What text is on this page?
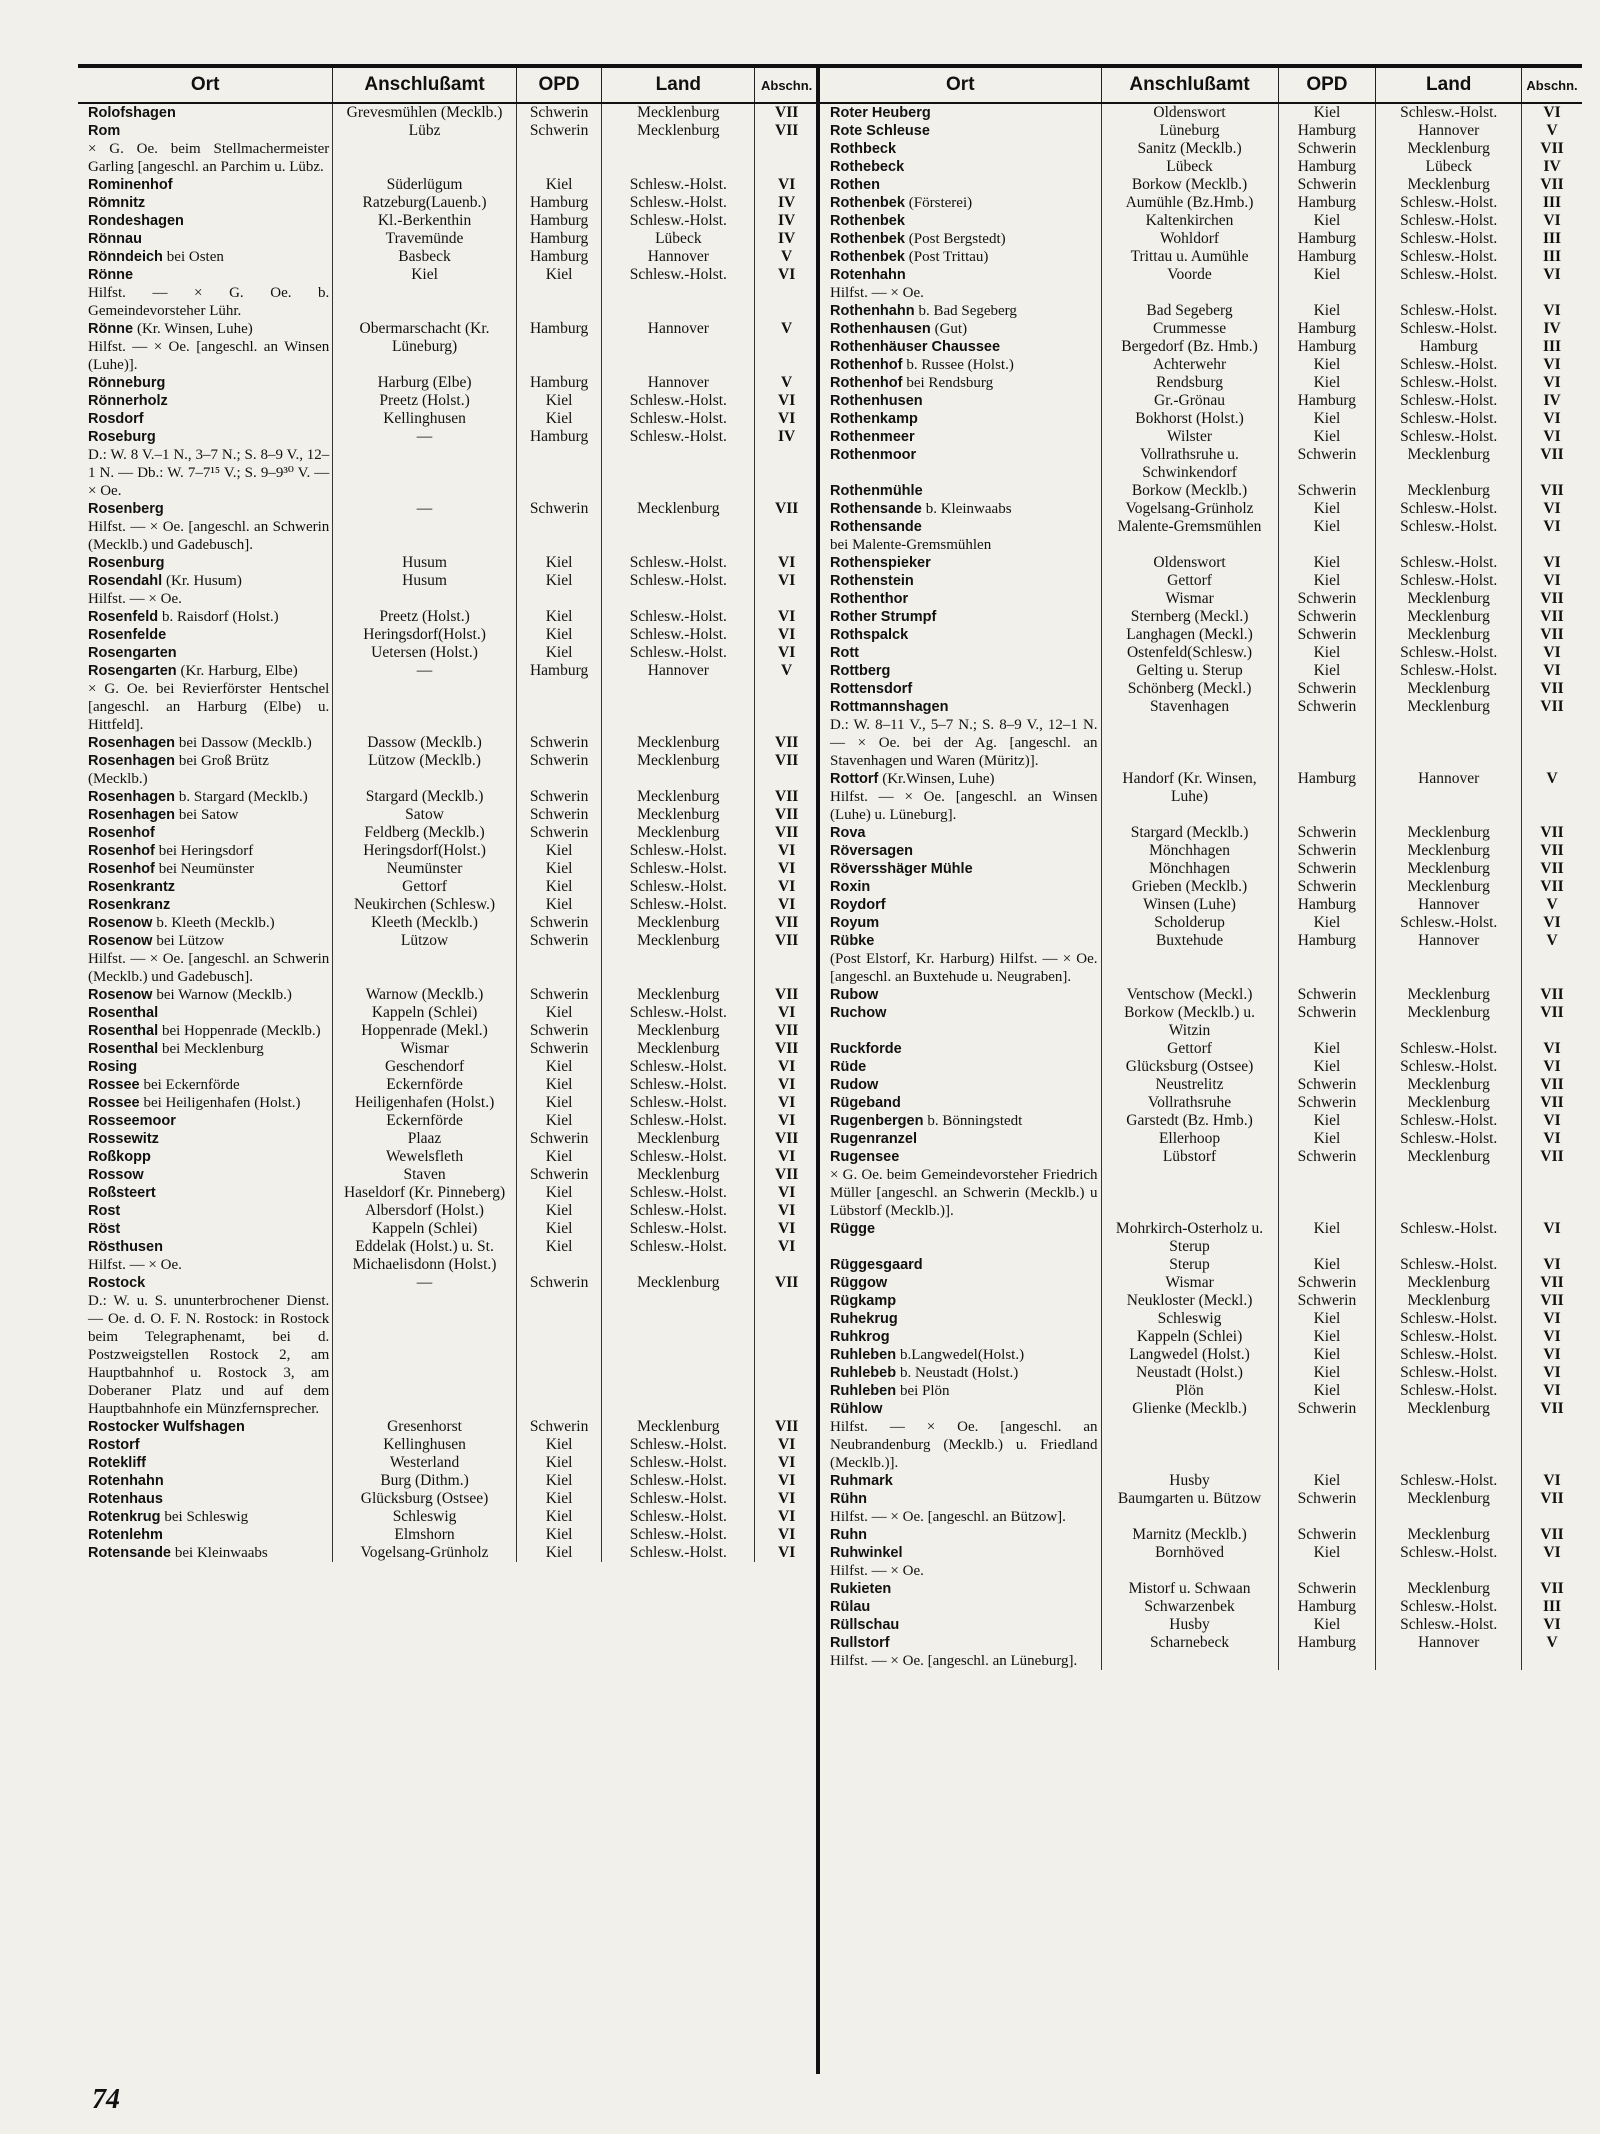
Ort	Anschlußamt	OPD	Land	Abschn.
Rolofshagen	Grevesmühlen (Mecklb.)	Schwerin	Mecklenburg	VII
Rom
× G. Oe. beim Stellmachermeister Garling [angeschl. an Parchim u. Lübz.	Lübz	Schwerin	Mecklenburg	VII
Rominenhof	Süderlügum	Kiel	Schlesw.-Holst.	VI
Römnitz	Ratzeburg(Lauenb.)	Hamburg	Schlesw.-Holst.	IV
Rondeshagen	Kl.-Berkenthin	Hamburg	Schlesw.-Holst.	IV
Rönnau	Travemünde	Hamburg	Lübeck	IV
Rönndeich bei Osten	Basbeck	Hamburg	Hannover	V
Rönne
Hilfst. — × G. Oe. b. Gemeindevorsteher Lühr.	Kiel	Kiel	Schlesw.-Holst.	VI
Rönne (Kr. Winsen, Luhe)
Hilfst. — × Oe. [angeschl. an Winsen (Luhe)].	Obermarschacht (Kr. Lüneburg)	Hamburg	Hannover	V
Rönneburg	Harburg (Elbe)	Hamburg	Hannover	V
Rönnerholz	Preetz (Holst.)	Kiel	Schlesw.-Holst.	VI
Rosdorf	Kellinghusen	Kiel	Schlesw.-Holst.	VI
Roseburg
D.: W. 8 V.–1 N., 3–7 N.; S. 8–9 V., 12–1 N. — Db.: W. 7–7¹⁵ V.; S. 9–9³⁰ V. — × Oe.	—	Hamburg	Schlesw.-Holst.	IV
Rosenberg
Hilfst. — × Oe. [angeschl. an Schwerin (Mecklb.) und Gadebusch].	—	Schwerin	Mecklenburg	VII
Rosenburg	Husum	Kiel	Schlesw.-Holst.	VI
Rosendahl (Kr. Husum)
Hilfst. — × Oe.	Husum	Kiel	Schlesw.-Holst.	VI
Rosenfeld b. Raisdorf (Holst.)	Preetz (Holst.)	Kiel	Schlesw.-Holst.	VI
Rosenfelde	Heringsdorf(Holst.)	Kiel	Schlesw.-Holst.	VI
Rosengarten	Uetersen (Holst.)	Kiel	Schlesw.-Holst.	VI
Rosengarten (Kr. Harburg, Elbe)
× G. Oe. bei Revierförster Hentschel [angeschl. an Harburg (Elbe) u. Hittfeld].	—	Hamburg	Hannover	V
Rosenhagen bei Dassow (Mecklb.)	Dassow (Mecklb.)	Schwerin	Mecklenburg	VII
Rosenhagen bei Groß Brütz (Mecklb.)	Lützow (Mecklb.)	Schwerin	Mecklenburg	VII
Rosenhagen b. Stargard (Mecklb.)	Stargard (Mecklb.)	Schwerin	Mecklenburg	VII
Rosenhagen bei Satow	Satow	Schwerin	Mecklenburg	VII
Rosenhof	Feldberg (Mecklb.)	Schwerin	Mecklenburg	VII
Rosenhof bei Heringsdorf	Heringsdorf(Holst.)	Kiel	Schlesw.-Holst.	VI
Rosenhof bei Neumünster	Neumünster	Kiel	Schlesw.-Holst.	VI
Rosenkrantz	Gettorf	Kiel	Schlesw.-Holst.	VI
Rosenkranz	Neukirchen (Schlesw.)	Kiel	Schlesw.-Holst.	VI
Rosenow b. Kleeth (Mecklb.)	Kleeth (Mecklb.)	Schwerin	Mecklenburg	VII
Rosenow bei Lützow
Hilfst. — × Oe. [angeschl. an Schwerin (Mecklb.) und Gadebusch].	Lützow	Schwerin	Mecklenburg	VII
Rosenow bei Warnow (Mecklb.)	Warnow (Mecklb.)	Schwerin	Mecklenburg	VII
Rosenthal	Kappeln (Schlei)	Kiel	Schlesw.-Holst.	VI
Rosenthal bei Hoppenrade (Mecklb.)	Hoppenrade (Mekl.)	Schwerin	Mecklenburg	VII
Rosenthal bei Mecklenburg	Wismar	Schwerin	Mecklenburg	VII
Rosing	Geschendorf	Kiel	Schlesw.-Holst.	VI
Rossee bei Eckernförde	Eckernförde	Kiel	Schlesw.-Holst.	VI
Rossee bei Heiligenhafen (Holst.)	Heiligenhafen (Holst.)	Kiel	Schlesw.-Holst.	VI
Rosseemoor	Eckernförde	Kiel	Schlesw.-Holst.	VI
Rossewitz	Plaaz	Schwerin	Mecklenburg	VII
Roßkopp	Wewelsfleth	Kiel	Schlesw.-Holst.	VI
Rossow	Staven	Schwerin	Mecklenburg	VII
Roßsteert	Haseldorf (Kr. Pinneberg)	Kiel	Schlesw.-Holst.	VI
Rost	Albersdorf (Holst.)	Kiel	Schlesw.-Holst.	VI
Röst	Kappeln (Schlei)	Kiel	Schlesw.-Holst.	VI
Rösthusen
Hilfst. — × Oe.	Eddelak (Holst.) u. St. Michaelisdonn (Holst.)	Kiel	Schlesw.-Holst.	VI
Rostock
D.: W. u. S. ununterbrochener Dienst. — Oe. d. O. F. N. Rostock: in Rostock beim Telegraphenamt, bei d. Postzweigstellen Rostock 2, am Hauptbahnhof u. Rostock 3, am Doberaner Platz und auf dem Hauptbahnhofe ein Münzfernsprecher.	—	Schwerin	Mecklenburg	VII
Rostocker Wulfshagen	Gresenhorst	Schwerin	Mecklenburg	VII
Rostorf	Kellinghusen	Kiel	Schlesw.-Holst.	VI
Rotekliff	Westerland	Kiel	Schlesw.-Holst.	VI
Rotenhahn	Burg (Dithm.)	Kiel	Schlesw.-Holst.	VI
Rotenhaus	Glücksburg (Ostsee)	Kiel	Schlesw.-Holst.	VI
Rotenkrug bei Schleswig	Schleswig	Kiel	Schlesw.-Holst.	VI
Rotenlehm	Elmshorn	Kiel	Schlesw.-Holst.	VI
Rotensande bei Kleinwaabs	Vogelsang-Grünholz	Kiel	Schlesw.-Holst.	VI
Ort	Anschlußamt	OPD	Land	Abschn.
Roter Heuberg	Oldenswort	Kiel	Schlesw.-Holst.	VI
Rote Schleuse	Lüneburg	Hamburg	Hannover	V
Rothbeck	Sanitz (Mecklb.)	Schwerin	Mecklenburg	VII
Rothebeck	Lübeck	Hamburg	Lübeck	IV
Rothen	Borkow (Mecklb.)	Schwerin	Mecklenburg	VII
Rothenbek (Försterei)	Aumühle (Bz.Hmb.)	Hamburg	Schlesw.-Holst.	III
Rothenbek	Kaltenkirchen	Kiel	Schlesw.-Holst.	VI
Rothenbek (Post Bergstedt)	Wohldorf	Hamburg	Schlesw.-Holst.	III
Rothenbek (Post Trittau)	Trittau u. Aumühle	Hamburg	Schlesw.-Holst.	III
Rotenhahn
Hilfst. — × Oe.	Voorde	Kiel	Schlesw.-Holst.	VI
Rothenhahn b. Bad Segeberg	Bad Segeberg	Kiel	Schlesw.-Holst.	VI
Rothenhausen (Gut)	Crummesse	Hamburg	Schlesw.-Holst.	IV
Rothenhäuser Chaussee	Bergedorf (Bz. Hmb.)	Hamburg	Hamburg	III
Rothenhof b. Russee (Holst.)	Achterwehr	Kiel	Schlesw.-Holst.	VI
Rothenhof bei Rendsburg	Rendsburg	Kiel	Schlesw.-Holst.	VI
Rothenhusen	Gr.-Grönau	Hamburg	Schlesw.-Holst.	IV
Rothenkamp	Bokhorst (Holst.)	Kiel	Schlesw.-Holst.	VI
Rothenmeer	Wilster	Kiel	Schlesw.-Holst.	VI
Rothenmoor	Vollrathsruhe u. Schwinkendorf	Schwerin	Mecklenburg	VII
Rothenmühle	Borkow (Mecklb.)	Schwerin	Mecklenburg	VII
Rothensande b. Kleinwaabs	Vogelsang-Grünholz	Kiel	Schlesw.-Holst.	VI
Rothensande
bei Malente-Gremsmühlen	Malente-Gremsmühlen	Kiel	Schlesw.-Holst.	VI
Rothenspieker	Oldenswort	Kiel	Schlesw.-Holst.	VI
Rothenstein	Gettorf	Kiel	Schlesw.-Holst.	VI
Rothenthor	Wismar	Schwerin	Mecklenburg	VII
Rother Strumpf	Sternberg (Meckl.)	Schwerin	Mecklenburg	VII
Rothspalck	Langhagen (Meckl.)	Schwerin	Mecklenburg	VII
Rott	Ostenfeld(Schlesw.)	Kiel	Schlesw.-Holst.	VI
Rottberg	Gelting u. Sterup	Kiel	Schlesw.-Holst.	VI
Rottensdorf	Schönberg (Meckl.)	Schwerin	Mecklenburg	VII
Rottmannshagen
D.: W. 8–11 V., 5–7 N.; S. 8–9 V., 12–1 N. — × Oe. bei der Ag. [angeschl. an Stavenhagen und Waren (Müritz)].	Stavenhagen	Schwerin	Mecklenburg	VII
Rottorf (Kr.Winsen, Luhe)
Hilfst. — × Oe. [angeschl. an Winsen (Luhe) u. Lüneburg].	Handorf (Kr. Winsen, Luhe)	Hamburg	Hannover	V
Rova	Stargard (Mecklb.)	Schwerin	Mecklenburg	VII
Röversagen	Mönchhagen	Schwerin	Mecklenburg	VII
Röversshäger Mühle	Mönchhagen	Schwerin	Mecklenburg	VII
Roxin	Grieben (Mecklb.)	Schwerin	Mecklenburg	VII
Roydorf	Winsen (Luhe)	Hamburg	Hannover	V
Royum	Scholderup	Kiel	Schlesw.-Holst.	VI
Rübke
(Post Elstorf, Kr. Harburg) Hilfst. — × Oe. [angeschl. an Buxtehude u. Neugraben].	Buxtehude	Hamburg	Hannover	V
Rubow	Ventschow (Meckl.)	Schwerin	Mecklenburg	VII
Ruchow	Borkow (Mecklb.) u. Witzin	Schwerin	Mecklenburg	VII
Ruckforde	Gettorf	Kiel	Schlesw.-Holst.	VI
Rüde	Glücksburg (Ostsee)	Kiel	Schlesw.-Holst.	VI
Rudow	Neustrelitz	Schwerin	Mecklenburg	VII
Rügeband	Vollrathsruhe	Schwerin	Mecklenburg	VII
Rugenbergen b. Bönningstedt	Garstedt (Bz. Hmb.)	Kiel	Schlesw.-Holst.	VI
Rugenranzel	Ellerhoop	Kiel	Schlesw.-Holst.	VI
Rugensee
× G. Oe. beim Gemeindevorsteher Friedrich Müller [angeschl. an Schwerin (Mecklb.) u Lübstorf (Mecklb.)].	Lübstorf	Schwerin	Mecklenburg	VII
Rügge	Mohrkirch-Osterholz u. Sterup	Kiel	Schlesw.-Holst.	VI
Rüggesgaard	Sterup	Kiel	Schlesw.-Holst.	VI
Rüggow	Wismar	Schwerin	Mecklenburg	VII
Rügkamp	Neukloster (Meckl.)	Schwerin	Mecklenburg	VII
Ruhekrug	Schleswig	Kiel	Schlesw.-Holst.	VI
Ruhkrog	Kappeln (Schlei)	Kiel	Schlesw.-Holst.	VI
Ruhleben b.Langwedel(Holst.)	Langwedel (Holst.)	Kiel	Schlesw.-Holst.	VI
Ruhlebeb b. Neustadt (Holst.)	Neustadt (Holst.)	Kiel	Schlesw.-Holst.	VI
Ruhleben bei Plön	Plön	Kiel	Schlesw.-Holst.	VI
Rühlow
Hilfst. — × Oe. [angeschl. an Neubrandenburg (Mecklb.) u. Friedland (Mecklb.)].	Glienke (Mecklb.)	Schwerin	Mecklenburg	VII
Ruhmark	Husby	Kiel	Schlesw.-Holst.	VI
Rühn
Hilfst. — × Oe. [angeschl. an Bützow].	Baumgarten u. Bützow	Schwerin	Mecklenburg	VII
Ruhn	Marnitz (Mecklb.)	Schwerin	Mecklenburg	VII
Ruhwinkel
Hilfst. — × Oe.	Bornhöved	Kiel	Schlesw.-Holst.	VI
Rukieten	Mistorf u. Schwaan	Schwerin	Mecklenburg	VII
Rülau	Schwarzenbek	Hamburg	Schlesw.-Holst.	III
Rüllschau	Husby	Kiel	Schlesw.-Holst.	VI
Rullstorf
Hilfst. — × Oe. [angeschl. an Lüneburg].	Scharnebeck	Hamburg	Hannover	V
74
